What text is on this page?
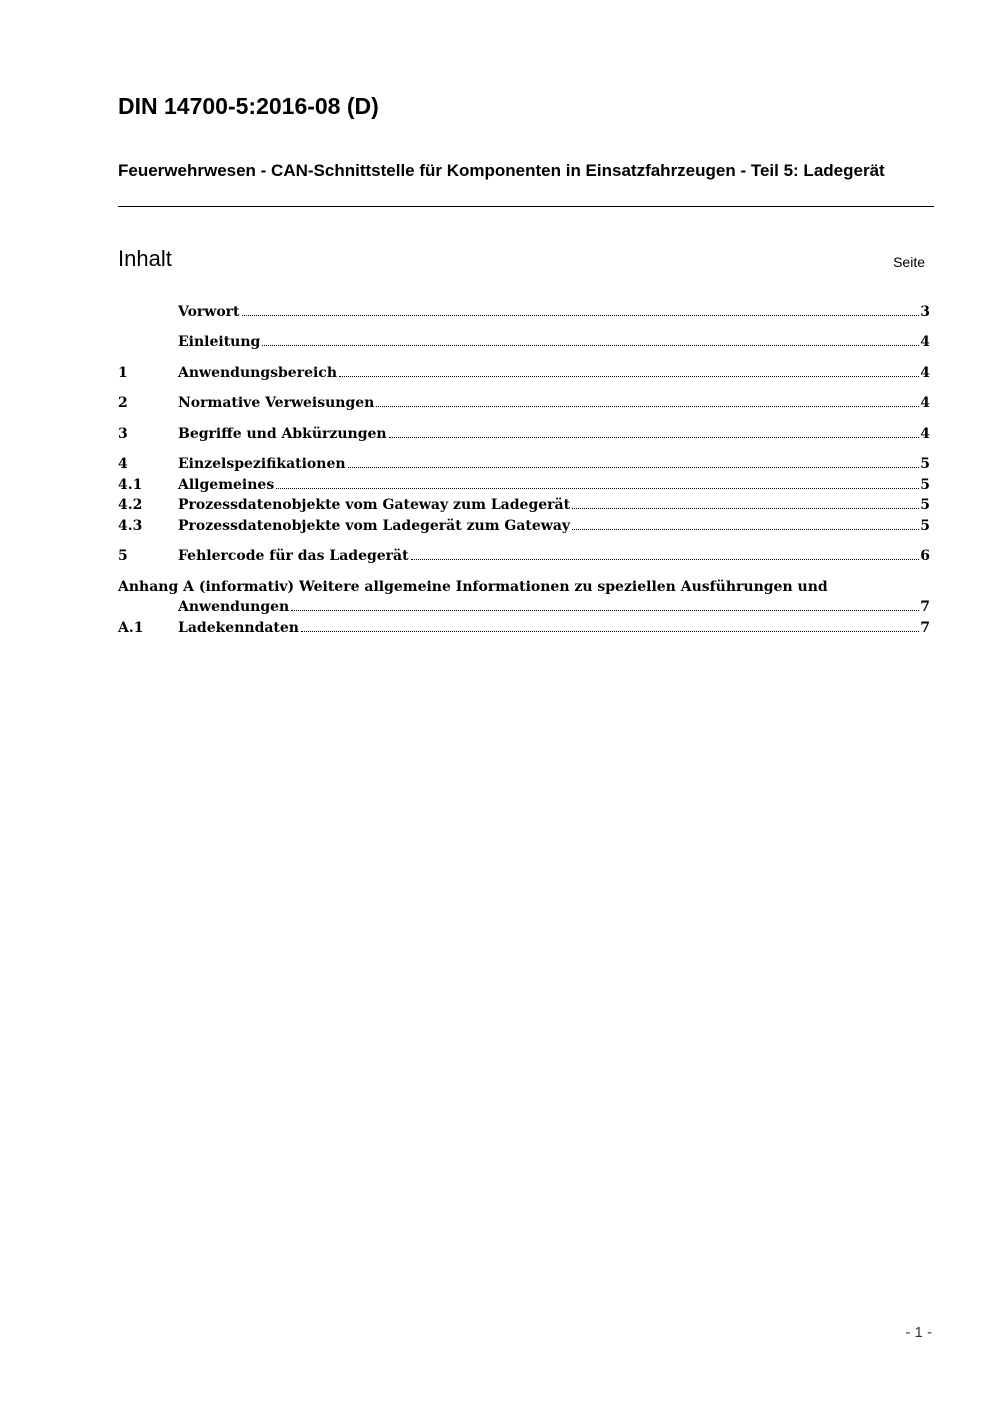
DIN 14700-5:2016-08 (D)
Feuerwehrwesen - CAN-Schnittstelle für Komponenten in Einsatzfahrzeugen - Teil 5: Ladegerät
Inhalt	Seite
Vorwort	3
Einleitung	4
1	Anwendungsbereich	4
2	Normative Verweisungen	4
3	Begriffe und Abkürzungen	4
4	Einzelspezifikationen	5
4.1	Allgemeines	5
4.2	Prozessdatenobjekte vom Gateway zum Ladegerät	5
4.3	Prozessdatenobjekte vom Ladegerät zum Gateway	5
5	Fehlercode für das Ladegerät	6
Anhang A (informativ) Weitere allgemeine Informationen zu speziellen Ausführungen und
Anwendungen	7
A.1	Ladekenndaten	7
- 1 -
